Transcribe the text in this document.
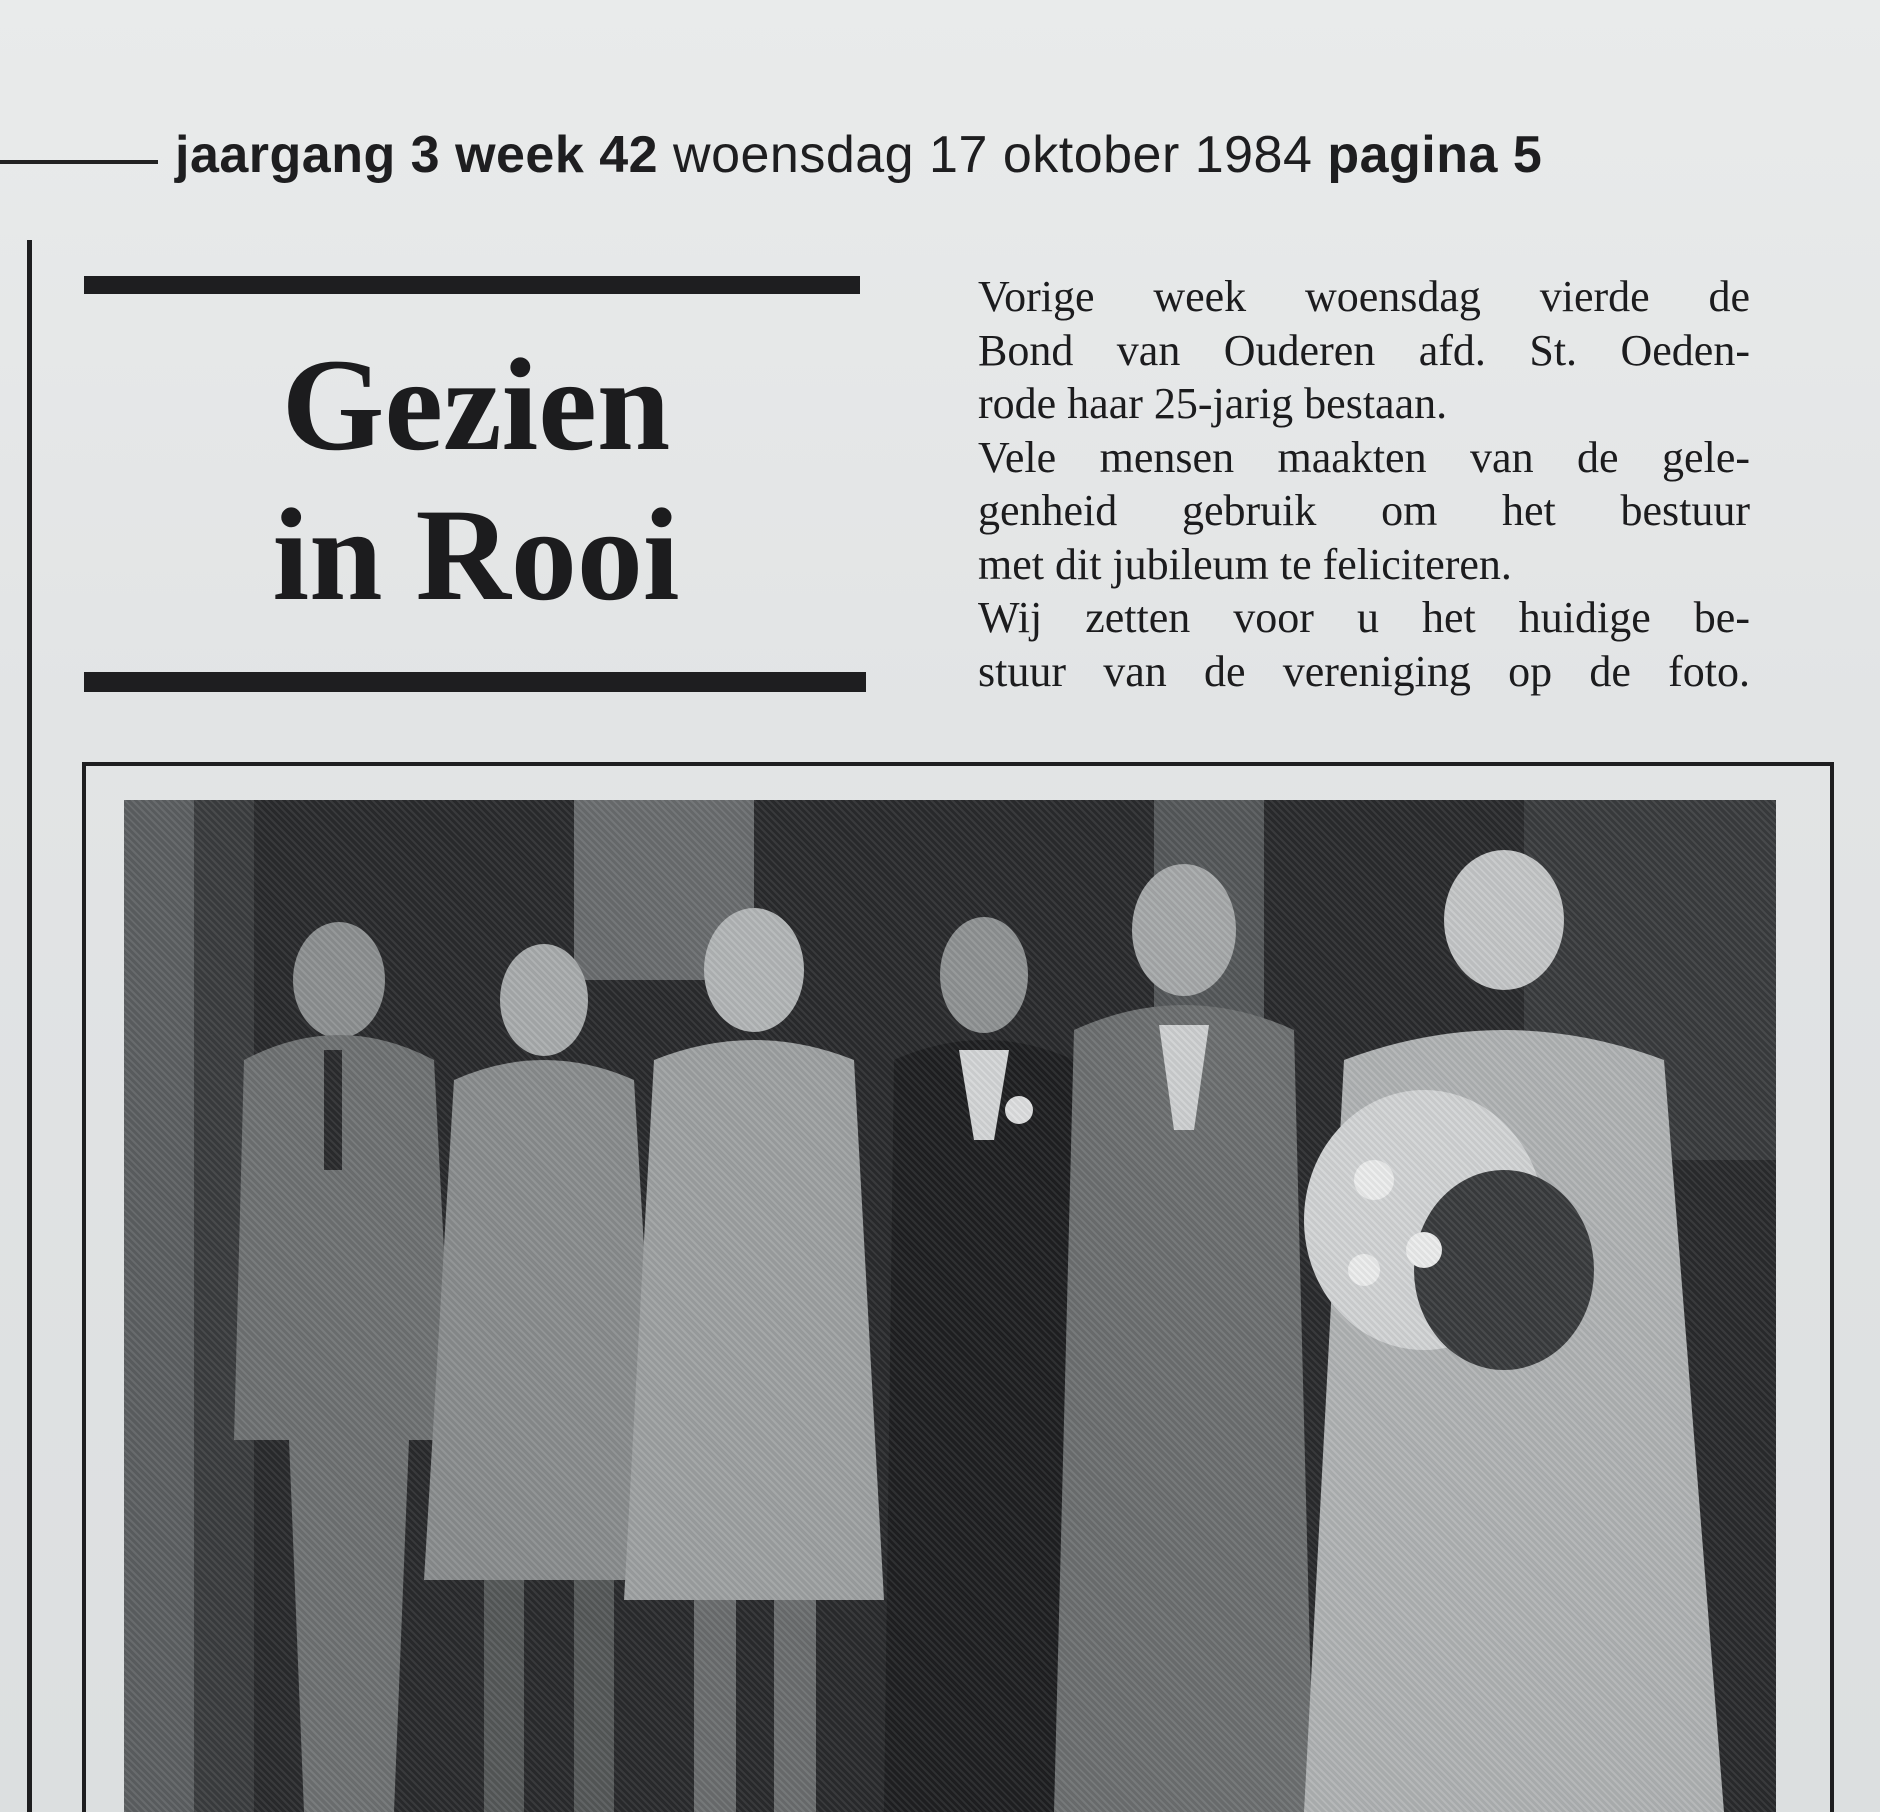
jaargang 3 week 42 woensdag 17 oktober 1984 pagina 5
Gezien
in Rooi
Vorige week woensdag vierde de
Bond van Ouderen afd. St. Oeden-
rode haar 25-jarig bestaan.
Vele mensen maakten van de gele-
genheid gebruik om het bestuur
met dit jubileum te feliciteren.
Wij zetten voor u het huidige be-
stuur van de vereniging op de foto.
